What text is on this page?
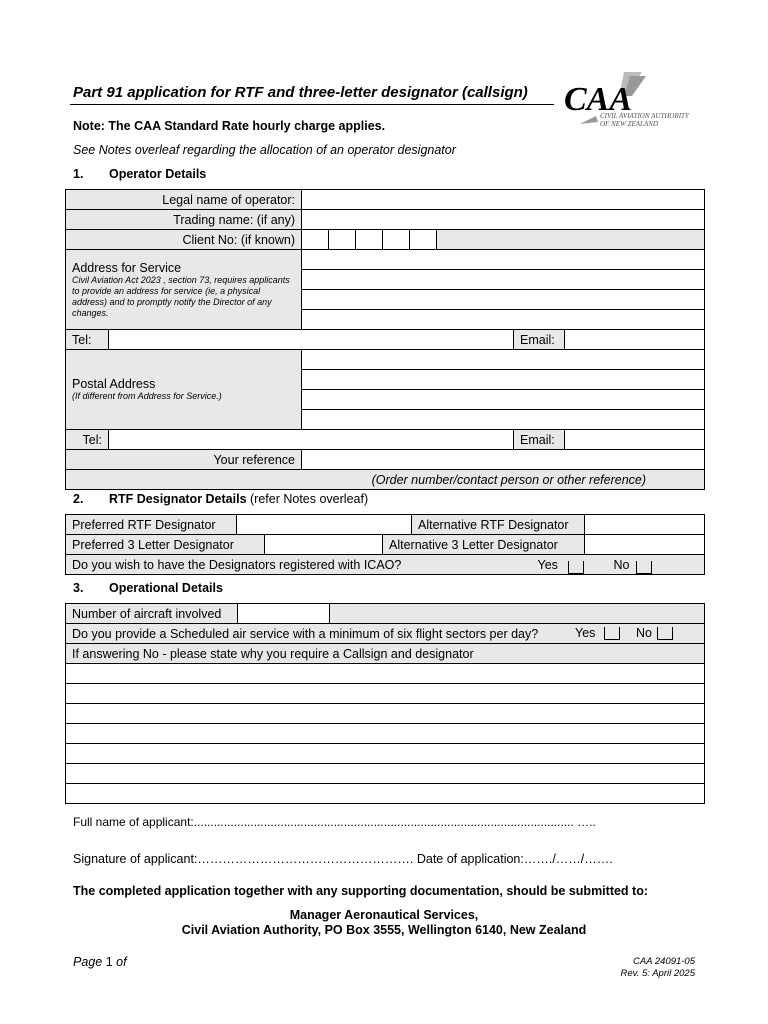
Part 91 application for RTF and three-letter designator (callsign) CAA
CIVIL AVIATION AUTHORITY
OF NEW ZEALAND
Note: The CAA Standard Rate hourly charge applies.
See Notes overleaf regarding the allocation of an operator designator
1. Operator Details
Legal name of operator:									
Trading name: (if any)									
Client No: (if known)									
Address for Service
Civil Aviation Act 2023 , section 73, requires applicants to provide an address for service (ie, a physical address) and to promptly notify the Director of any changes.									

Tel:								Email:	
Postal Address
(If different from Address for Service.)									

Tel:								Email:	
Your reference									
(Order number/contact person or other reference)									
2. RTF Designator Details (refer Notes overleaf)
Preferred RTF Designator				Alternative RTF Designator	
Preferred 3 Letter Designator			Alternative 3 Letter Designator		
Do you wish to have the Designators registered with ICAO? Yes No					
3. Operational Details
Number of aircraft involved		
Do you provide a Scheduled air service with a minimum of six flight sectors per day?	Yes	No

If answering No - please state why you require a Callsign and designator

Full name of applicant:.................................................................................................................. …..
Signature of applicant:……………………………………………. Date of application:……./……/…….
The completed application together with any supporting documentation, should be submitted to:
Manager Aeronautical Services,
Civil Aviation Authority, PO Box 3555, Wellington 6140, New Zealand
Page 1 of	CAA 24091-05
Rev. 5: April 2025
